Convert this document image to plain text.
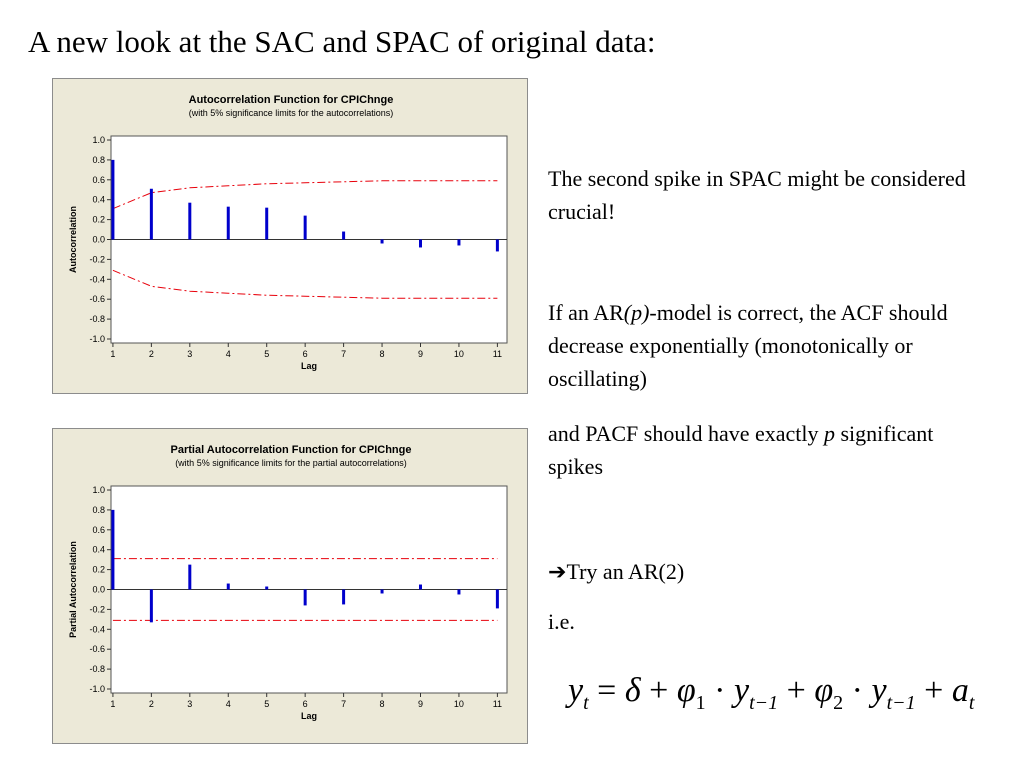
A new look at the SAC and SPAC of original data:
Autocorrelation Function for CPIChnge
(with 5% significance limits for the autocorrelations)
1.0
0.8
0.6
0.4
0.2
0.0
-0.2
-0.4
-0.6
-0.8
-1.0
1	2	3	4	5	6	7	8	9	10	11
Lag
Autocorrelation
Partial Autocorrelation Function for CPIChnge
(with 5% significance limits for the partial autocorrelations)
1.0
0.8
0.6
0.4
0.2
0.0
-0.2
-0.4
-0.6
-0.8
-1.0
1	2	3	4	5	6	7	8	9	10	11
Lag
Partial Autocorrelation
The second spike in SPAC might be considered crucial!
If an AR(p)-model is correct, the ACF should decrease exponentially (monotonically or oscillating)
and PACF should have exactly p significant spikes
➔Try an AR(2)
i.e.
$y_t = \delta + \varphi_1 \cdot y_{t-1} + \varphi_2 \cdot y_{t-1} + a_t$
